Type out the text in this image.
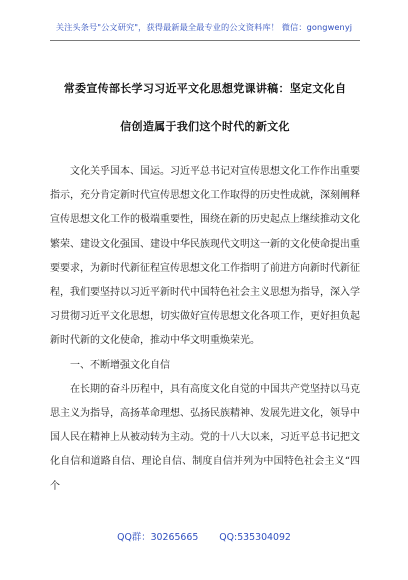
关注头条号"公文研究"，获得最新最全最专业的公文资料库！ 微信：gongwenyj
常委宣传部长学习习近平文化思想党课讲稿：坚定文化自
信创造属于我们这个时代的新文化

文化关乎国本、国运。习近平总书记对宣传思想文化工作作出重要指示，充分肯定新时代宣传思想文化工作取得的历史性成就，深刻阐释宣传思想文化工作的极端重要性，围绕在新的历史起点上继续推动文化繁荣、建设文化强国、建设中华民族现代文明这一新的文化使命提出重要要求，为新时代新征程宣传思想文化工作指明了前进方向新时代新征程，我们要坚持以习近平新时代中国特色社会主义思想为指导，深入学习贯彻习近平文化思想，切实做好宣传思想文化各项工作，更好担负起新时代新的文化使命，推动中华文明重焕荣光。

一、不断增强文化自信

在长期的奋斗历程中，具有高度文化自觉的中国共产党坚持以马克思主义为指导，高扬革命理想、弘扬民族精神、发展先进文化，领导中国人民在精神上从被动转为主动。党的十八大以来，习近平总书记把文化自信和道路自信、理论自信、制度自信并列为中国特色社会主义“四个

QQ群：30265665 QQ:535304092
